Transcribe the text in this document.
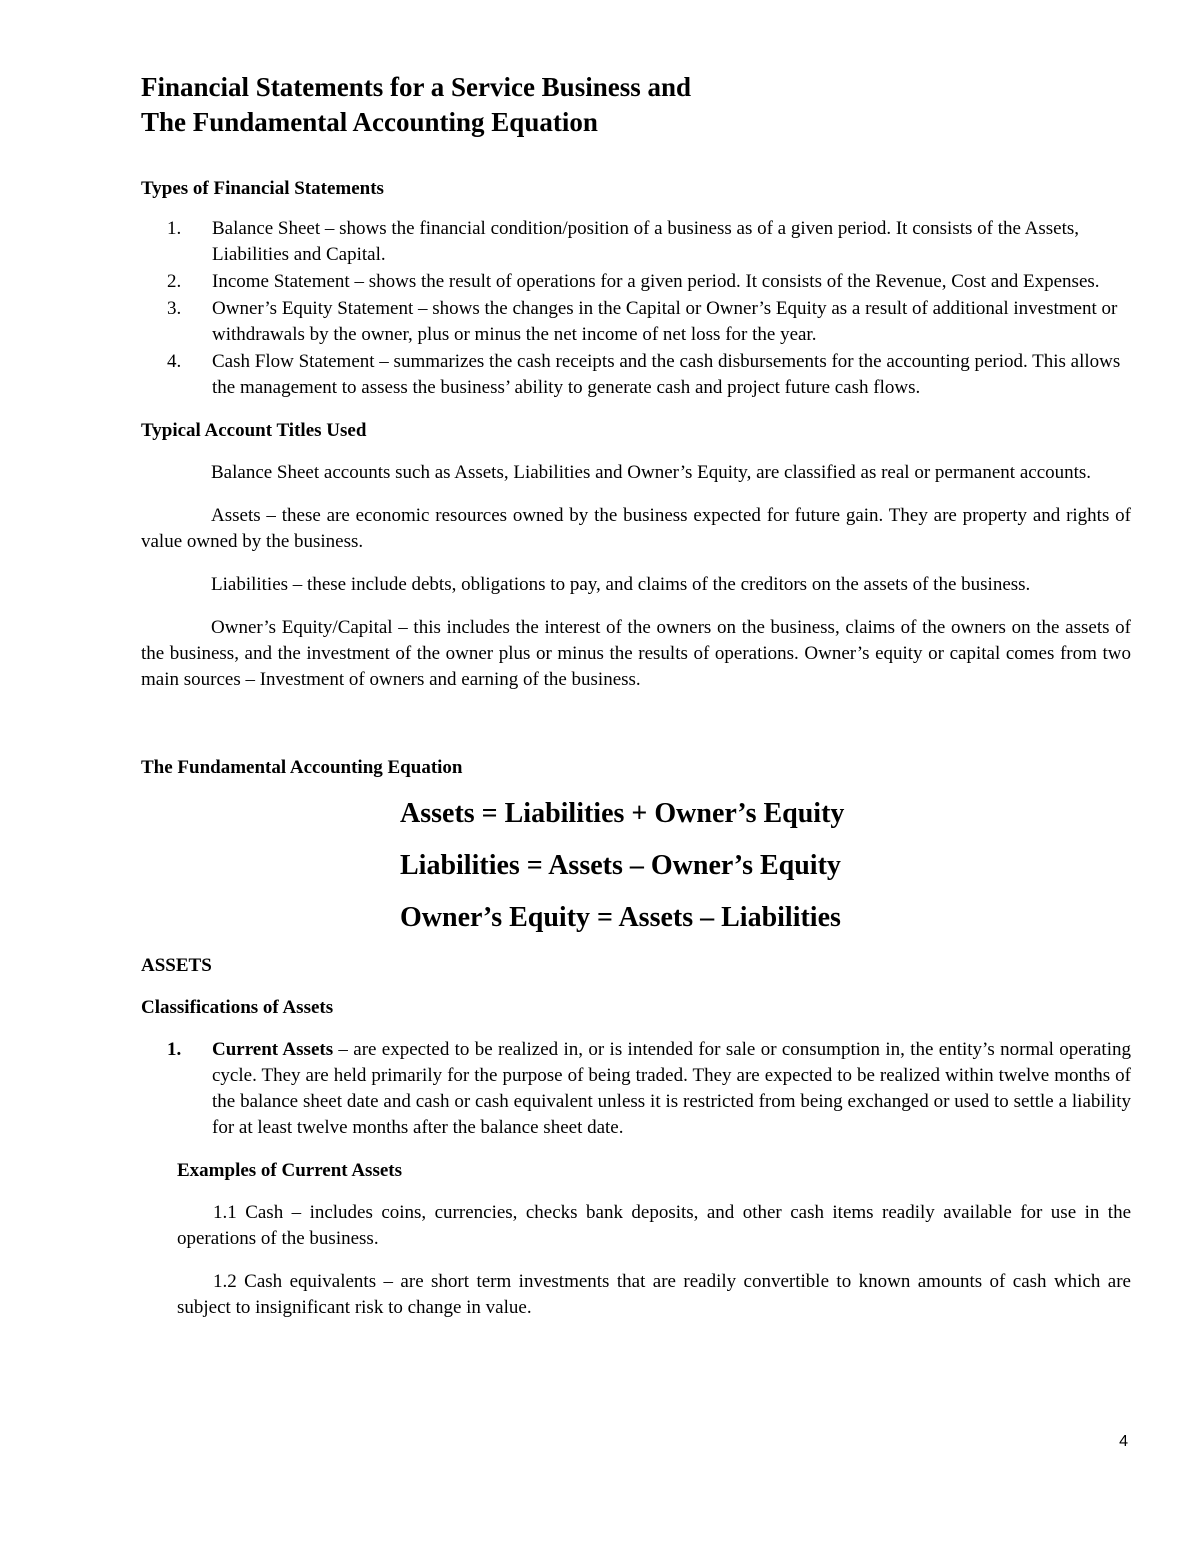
Financial Statements for a Service Business and
The Fundamental Accounting Equation
Types of Financial Statements
1. Balance Sheet – shows the financial condition/position of a business as of a given period. It consists of the Assets, Liabilities and Capital.
2. Income Statement – shows the result of operations for a given period. It consists of the Revenue, Cost and Expenses.
3. Owner’s Equity Statement – shows the changes in the Capital or Owner’s Equity as a result of additional investment or withdrawals by the owner, plus or minus the net income of net loss for the year.
4. Cash Flow Statement – summarizes the cash receipts and the cash disbursements for the accounting period. This allows the management to assess the business’ ability to generate cash and project future cash flows.
Typical Account Titles Used

Balance Sheet accounts such as Assets, Liabilities and Owner’s Equity, are classified as real or permanent accounts.

Assets – these are economic resources owned by the business expected for future gain. They are property and rights of value owned by the business.

Liabilities – these include debts, obligations to pay, and claims of the creditors on the assets of the business.

Owner’s Equity/Capital – this includes the interest of the owners on the business, claims of the owners on the assets of the business, and the investment of the owner plus or minus the results of operations. Owner’s equity or capital comes from two main sources – Investment of owners and earning of the business.

The Fundamental Accounting Equation

Assets = Liabilities + Owner’s Equity

Liabilities = Assets – Owner’s Equity

Owner’s Equity = Assets – Liabilities

ASSETS
Classifications of Assets
1. Current Assets – are expected to be realized in, or is intended for sale or consumption in, the entity’s normal operating cycle. They are held primarily for the purpose of being traded. They are expected to be realized within twelve months of the balance sheet date and cash or cash equivalent unless it is restricted from being exchanged or used to settle a liability for at least twelve months after the balance sheet date.
Examples of Current Assets

1.1 Cash – includes coins, currencies, checks bank deposits, and other cash items readily available for use in the operations of the business.

1.2 Cash equivalents – are short term investments that are readily convertible to known amounts of cash which are subject to insignificant risk to change in value.

4
